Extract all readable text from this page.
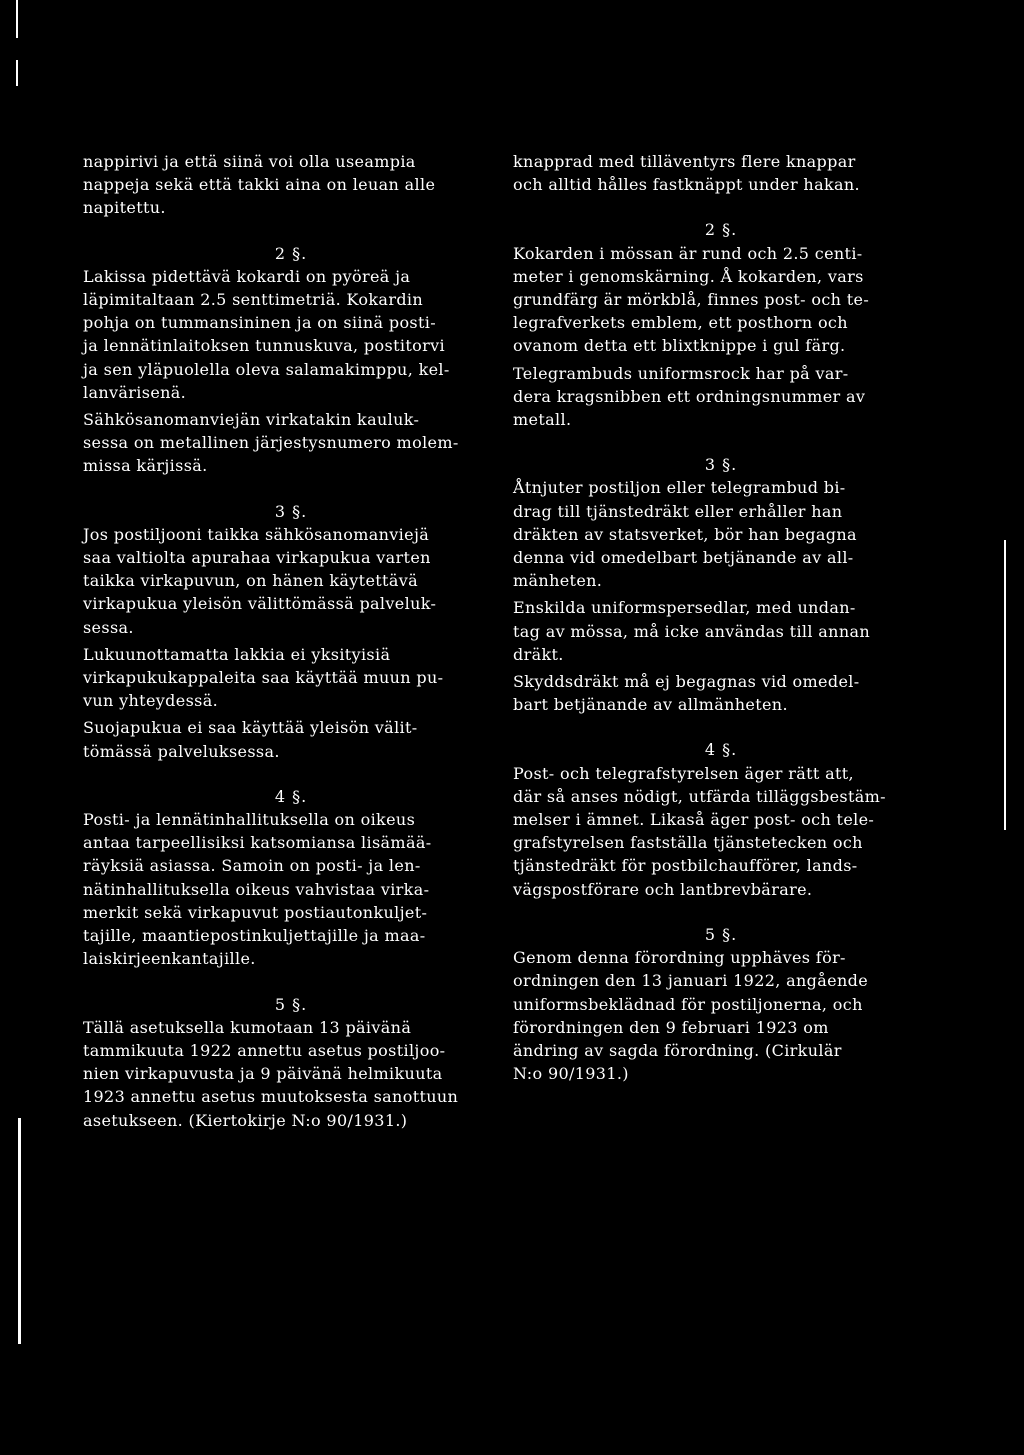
nappirivi ja että siinä voi olla useampia

nappeja sekä että takki aina on leuan alle

napitettu.

2 §.

Lakissa pidettävä kokardi on pyöreä ja

läpimitaltaan 2.5 senttimetriä. Kokardin

pohja on tummansininen ja on siinä posti-

ja lennätinlaitoksen tunnuskuva, postitorvi

ja sen yläpuolella oleva salamakimppu, kel-

lanvärisenä.

Sähkösanomanviejän virkatakin kauluk-

sessa on metallinen järjestysnumero molem-

missa kärjissä.

3 §.

Jos postiljooni taikka sähkösanomanviejä

saa valtiolta apurahaa virkapukua varten

taikka virkapuvun, on hänen käytettävä

virkapukua yleisön välittömässä palveluk-

sessa.

Lukuunottamatta lakkia ei yksityisiä

virkapukukappaleita saa käyttää muun pu-

vun yhteydessä.

Suojapukua ei saa käyttää yleisön välit-

tömässä palveluksessa.

4 §.

Posti- ja lennätinhallituksella on oikeus

antaa tarpeellisiksi katsomiansa lisämää-

räyksiä asiassa. Samoin on posti- ja len-

nätinhallituksella oikeus vahvistaa virka-

merkit sekä virkapuvut postiautonkuljet-

tajille, maantiepostinkuljettajille ja maa-

laiskirjeenkantajille.

5 §.

Tällä asetuksella kumotaan 13 päivänä

tammikuuta 1922 annettu asetus postiljoo-

nien virkapuvusta ja 9 päivänä helmikuuta

1923 annettu asetus muutoksesta sanottuun

asetukseen. (Kiertokirje N:o 90/1931.)

knapprad med tilläventyrs flere knappar

och alltid hålles fastknäppt under hakan.

2 §.

Kokarden i mössan är rund och 2.5 centi-

meter i genomskärning. Å kokarden, vars

grundfärg är mörkblå, finnes post- och te-

legrafverkets emblem, ett posthorn och

ovanom detta ett blixtknippe i gul färg.

Telegrambuds uniformsrock har på var-

dera kragsnibben ett ordningsnummer av

metall.

3 §.

Åtnjuter postiljon eller telegrambud bi-

drag till tjänstedräkt eller erhåller han

dräkten av statsverket, bör han begagna

denna vid omedelbart betjänande av all-

mänheten.

Enskilda uniformspersedlar, med undan-

tag av mössa, må icke användas till annan

dräkt.

Skyddsdräkt må ej begagnas vid omedel-

bart betjänande av allmänheten.

4 §.

Post- och telegrafstyrelsen äger rätt att,

där så anses nödigt, utfärda tilläggsbestäm-

melser i ämnet. Likaså äger post- och tele-

grafstyrelsen fastställa tjänstetecken och

tjänstedräkt för postbilchaufförer, lands-

vägspostförare och lantbrevbärare.

5 §.

Genom denna förordning upphäves för-

ordningen den 13 januari 1922, angående

uniformsbeklädnad för postiljonerna, och

förordningen den 9 februari 1923 om

ändring av sagda förordning. (Cirkulär

N:o 90/1931.)
